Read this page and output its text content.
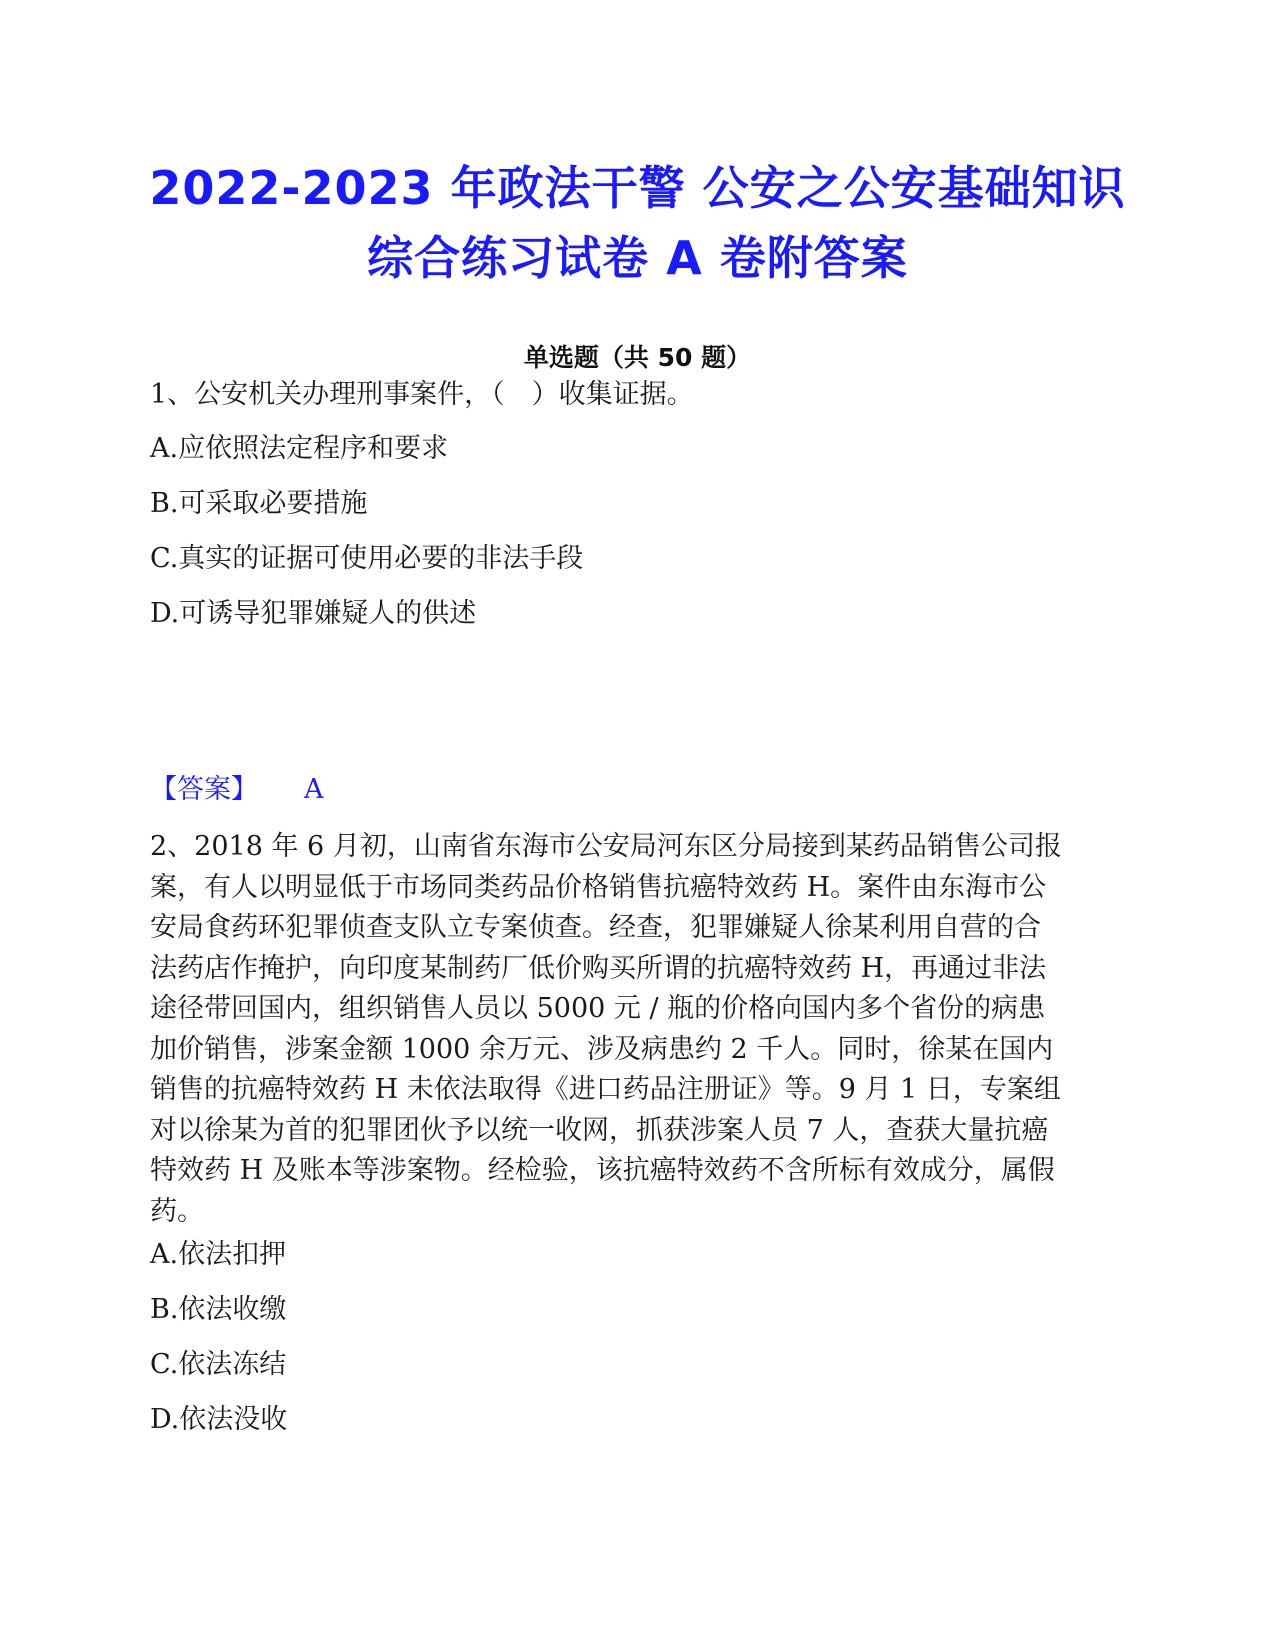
2022-2023 年政法干警 公安之公安基础知识
综合练习试卷 A 卷附答案
单选题（共 50 题）
1、公安机关办理刑事案件，（　）收集证据。
A.应依照法定程序和要求
B.可采取必要措施
C.真实的证据可使用必要的非法手段
D.可诱导犯罪嫌疑人的供述
【答案】 A
2、2018 年 6 月初，山南省东海市公安局河东区分局接到某药品销售公司报
案，有人以明显低于市场同类药品价格销售抗癌特效药 H。案件由东海市公
安局食药环犯罪侦查支队立专案侦查。经查，犯罪嫌疑人徐某利用自营的合
法药店作掩护，向印度某制药厂低价购买所谓的抗癌特效药 H，再通过非法
途径带回国内，组织销售人员以 5000 元 / 瓶的价格向国内多个省份的病患
加价销售，涉案金额 1000 余万元、涉及病患约 2 千人。同时，徐某在国内
销售的抗癌特效药 H 未依法取得《进口药品注册证》等。9 月 1 日，专案组
对以徐某为首的犯罪团伙予以统一收网，抓获涉案人员 7 人，查获大量抗癌
特效药 H 及账本等涉案物。经检验，该抗癌特效药不含所标有效成分，属假
药。
A.依法扣押
B.依法收缴
C.依法冻结
D.依法没收
